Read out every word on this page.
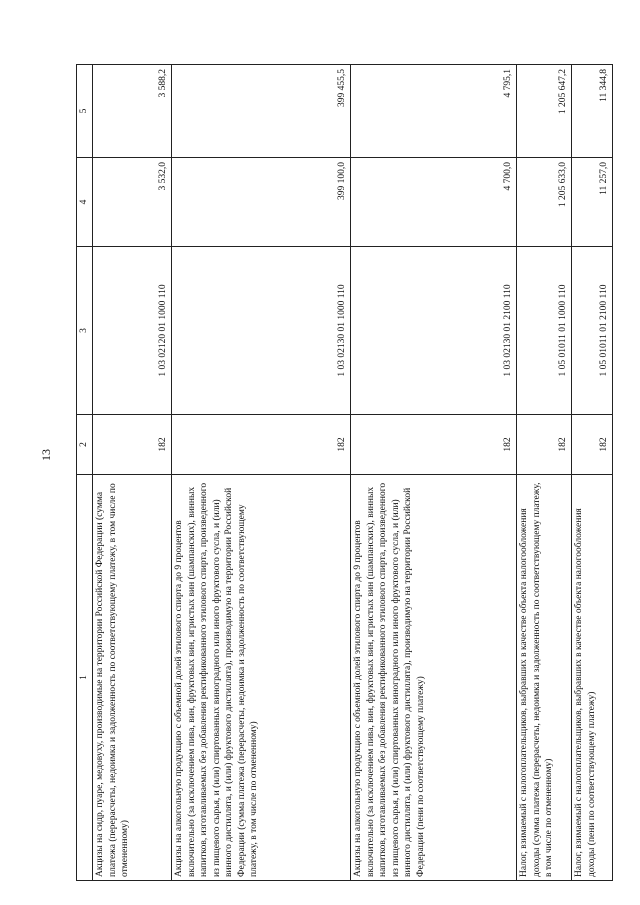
13
1	2	3	4	5
Акцизы на сидр, пуаре, медовуху, производимые на территории Российской Федерации (сумма платежа (перерасчеты, недоимка и задолженность по соответствующему платежу, в том числе по отмененному)	182	1 03 02120 01 1000 110	3 532,0	3 588,2
Акцизы на алкогольную продукцию с объемной долей этилового спирта до 9 процентов включительно (за исключением пива, вин, фруктовых вин, игристых вин (шампанских), винных напитков, изготавливаемых без добавления ректификованного этилового спирта, произведенного из пищевого сырья, и (или) спиртованных виноградного или иного фруктового сусла, и (или) винного дистиллята, и (или) фруктового дистиллята), производимую на территории Российской Федерации (сумма платежа (перерасчеты, недоимка и задолженность по соответствующему платежу, в том числе по отмененному)	182	1 03 02130 01 1000 110	399 100,0	399 455,5
Акцизы на алкогольную продукцию с объемной долей этилового спирта до 9 процентов включительно (за исключением пива, вин, фруктовых вин, игристых вин (шампанских), винных напитков, изготавливаемых без добавления ректификованного этилового спирта, произведенного из пищевого сырья, и (или) спиртованных виноградного или иного фруктового сусла, и (или) винного дистиллята, и (или) фруктового дистиллята), производимую на территории Российской Федерации (пени по соответствующему платежу)	182	1 03 02130 01 2100 110	4 700,0	4 795,1
Налог, взимаемый с налогоплательщиков, выбравших в качестве объекта налогообложения доходы (сумма платежа (перерасчеты, недоимка и задолженность по соответствующему платежу, в том числе по отмененному)	182	1 05 01011 01 1000 110	1 205 633,0	1 205 647,2
Налог, взимаемый с налогоплательщиков, выбравших в качестве объекта налогообложения доходы (пени по соответствующему платежу)	182	1 05 01011 01 2100 110	11 257,0	11 344,8
